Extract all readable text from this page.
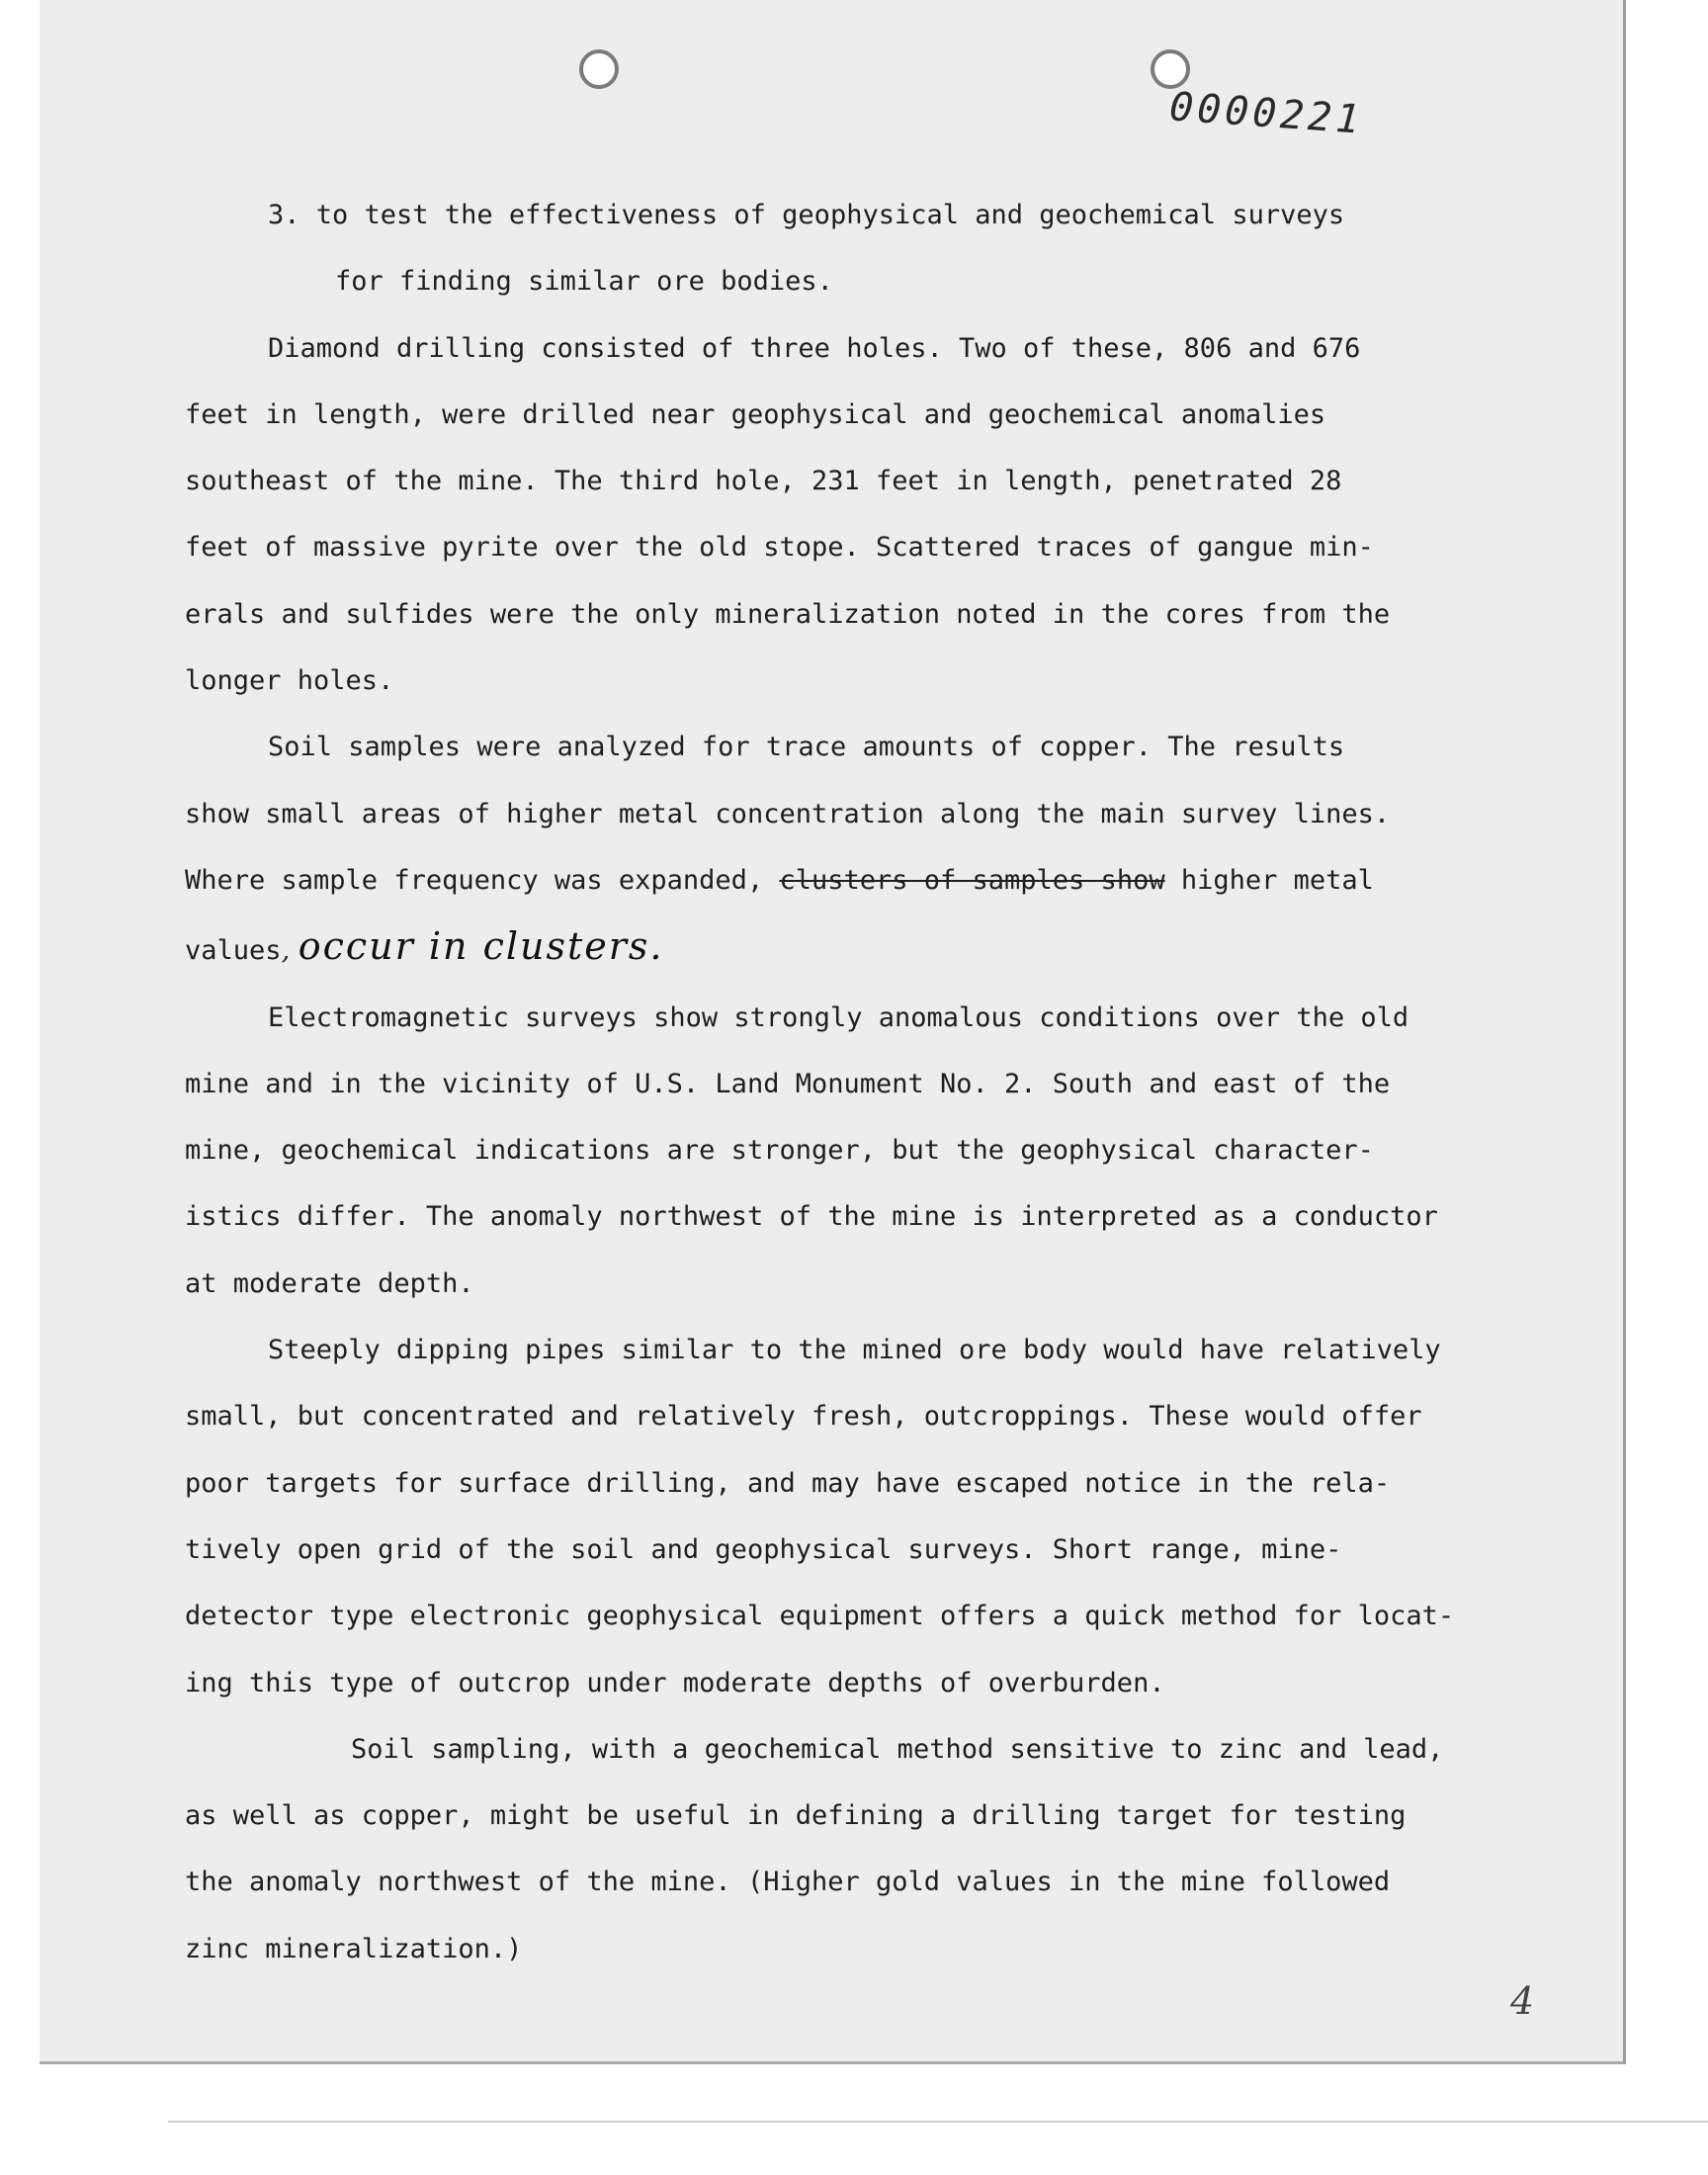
0000221

3. to test the effectiveness of geophysical and geochemical surveys

for finding similar ore bodies.

Diamond drilling consisted of three holes. Two of these, 806 and 676

feet in length, were drilled near geophysical and geochemical anomalies

southeast of the mine. The third hole, 231 feet in length, penetrated 28

feet of massive pyrite over the old stope. Scattered traces of gangue min-

erals and sulfides were the only mineralization noted in the cores from the

longer holes.

Soil samples were analyzed for trace amounts of copper. The results

show small areas of higher metal concentration along the main survey lines.

Where sample frequency was expanded, clusters of samples show higher metal

values‚ occur in clusters.

Electromagnetic surveys show strongly anomalous conditions over the old

mine and in the vicinity of U.S. Land Monument No. 2. South and east of the

mine, geochemical indications are stronger, but the geophysical character-

istics differ. The anomaly northwest of the mine is interpreted as a conductor

at moderate depth.

Steeply dipping pipes similar to the mined ore body would have relatively

small, but concentrated and relatively fresh, outcroppings. These would offer

poor targets for surface drilling, and may have escaped notice in the rela-

tively open grid of the soil and geophysical surveys. Short range, mine-

detector type electronic geophysical equipment offers a quick method for locat-

ing this type of outcrop under moderate depths of overburden.

Soil sampling, with a geochemical method sensitive to zinc and lead,

as well as copper, might be useful in defining a drilling target for testing

the anomaly northwest of the mine. (Higher gold values in the mine followed

zinc mineralization.)

4
